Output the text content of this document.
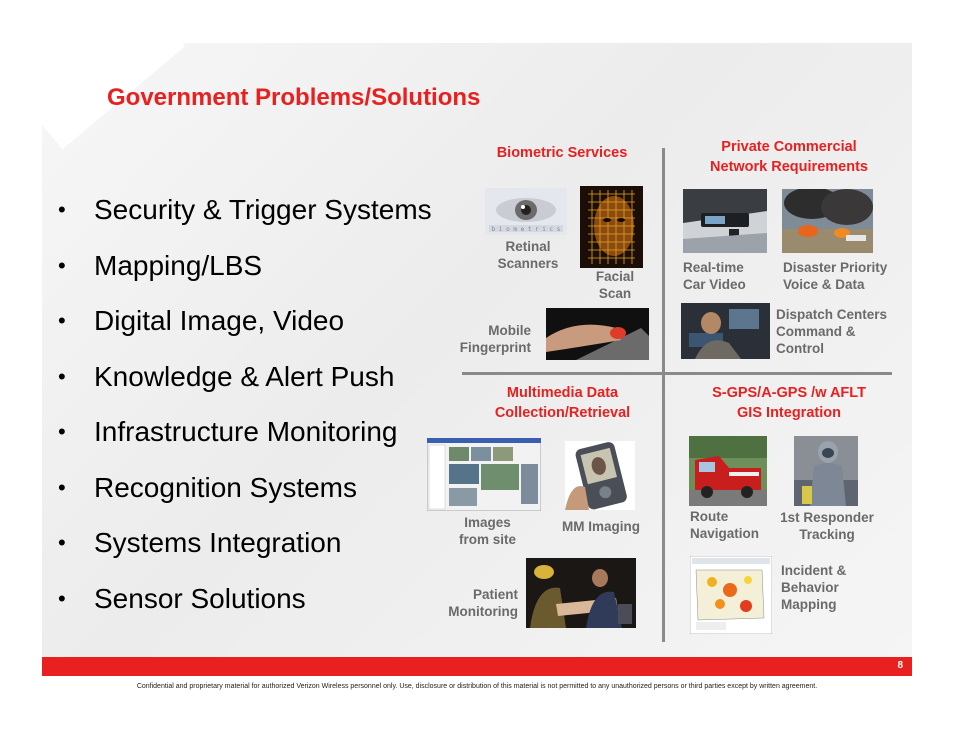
Government Problems/Solutions
• Security & Trigger Systems
• Mapping/LBS
• Digital Image, Video
• Knowledge & Alert Push
• Infrastructure Monitoring
• Recognition Systems
• Systems Integration
• Sensor Solutions
Biometric Services	Private Commercial
Network Requirements
Multimedia Data
Collection/Retrieval
S-GPS/A-GPS /w AFLT
GIS Integration
b i o m e t r i c s
Retinal
Scanners
Facial
Scan
Mobile
Fingerprint
Real-time
Car Video
Disaster Priority
Voice & Data
Dispatch Centers
Command &
Control
Images
from site
MM Imaging
Patient
Monitoring
Route
Navigation
1st Responder
Tracking
Incident &
Behavior
Mapping
8
Confidential and proprietary material for authorized Verizon Wireless personnel only. Use, disclosure or distribution of this material is not permitted to any unauthorized persons or third parties except by written agreement.
